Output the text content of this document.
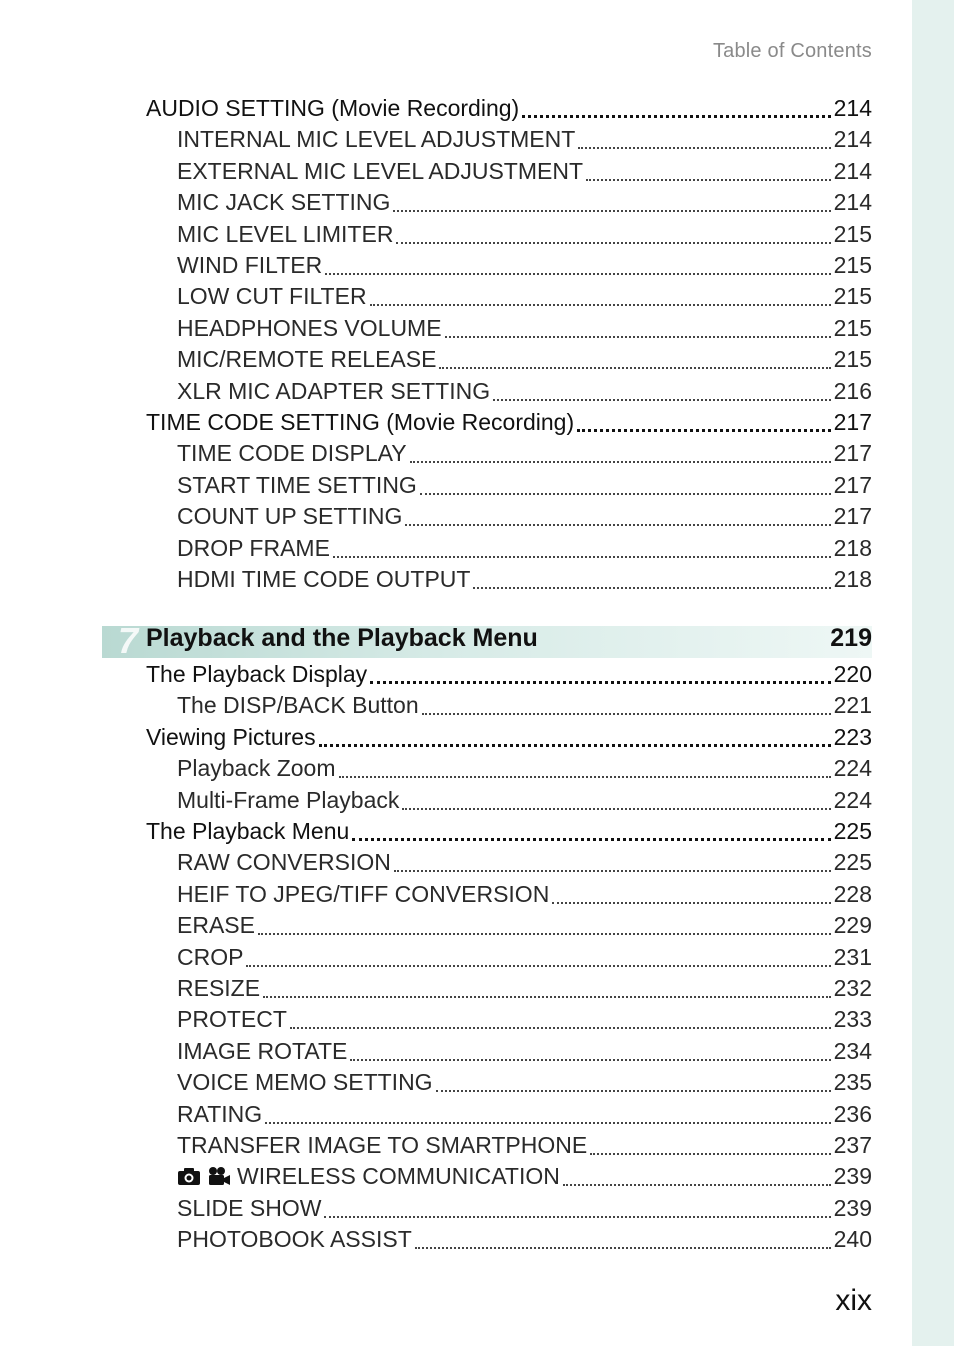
Table of Contents
AUDIO SETTING (Movie Recording)	214
INTERNAL MIC LEVEL ADJUSTMENT	214
EXTERNAL MIC LEVEL ADJUSTMENT	214
MIC JACK SETTING	214
MIC LEVEL LIMITER	215
WIND FILTER	215
LOW CUT FILTER	215
HEADPHONES VOLUME	215
MIC/REMOTE RELEASE	215
XLR MIC ADAPTER SETTING	216
TIME CODE SETTING (Movie Recording)	217
TIME CODE DISPLAY	217
START TIME SETTING	217
COUNT UP SETTING	217
DROP FRAME	218
HDMI TIME CODE OUTPUT	218
7 Playback and the Playback Menu	219
The Playback Display	220
The DISP/BACK Button	221
Viewing Pictures	223
Playback Zoom	224
Multi-Frame Playback	224
The Playback Menu	225
RAW CONVERSION	225
HEIF TO JPEG/TIFF CONVERSION	228
ERASE	229
CROP	231
RESIZE	232
PROTECT	233
IMAGE ROTATE	234
VOICE MEMO SETTING	235
RATING	236
TRANSFER IMAGE TO SMARTPHONE	237
WIRELESS COMMUNICATION	239
SLIDE SHOW	239
PHOTOBOOK ASSIST	240
xix
